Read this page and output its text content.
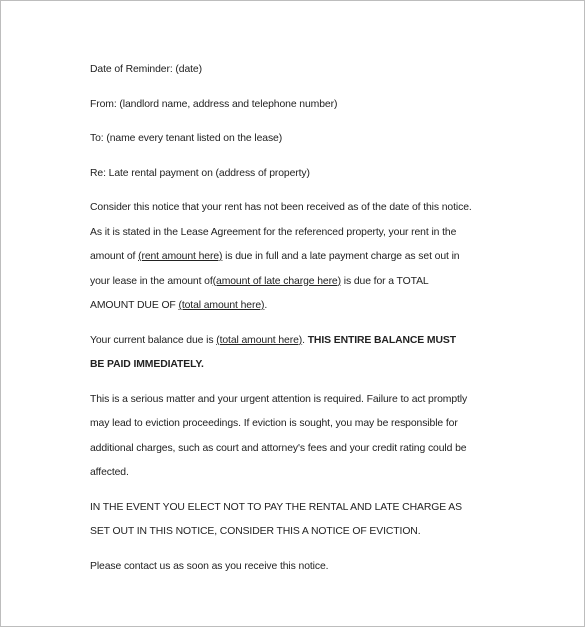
Date of Reminder: (date)
From: (landlord name, address and telephone number)
To: (name every tenant listed on the lease)
Re: Late rental payment on (address of property)
Consider this notice that your rent has not been received as of the date of this notice.
As it is stated in the Lease Agreement for the referenced property, your rent in the
amount of (rent amount here) is due in full and a late payment charge as set out in
your lease in the amount of(amount of late charge here) is due for a TOTAL
AMOUNT DUE OF (total amount here).
Your current balance due is (total amount here). THIS ENTIRE BALANCE MUST
BE PAID IMMEDIATELY.
This is a serious matter and your urgent attention is required. Failure to act promptly
may lead to eviction proceedings. If eviction is sought, you may be responsible for
additional charges, such as court and attorney's fees and your credit rating could be
affected.
IN THE EVENT YOU ELECT NOT TO PAY THE RENTAL AND LATE CHARGE AS
SET OUT IN THIS NOTICE, CONSIDER THIS A NOTICE OF EVICTION.
Please contact us as soon as you receive this notice.
